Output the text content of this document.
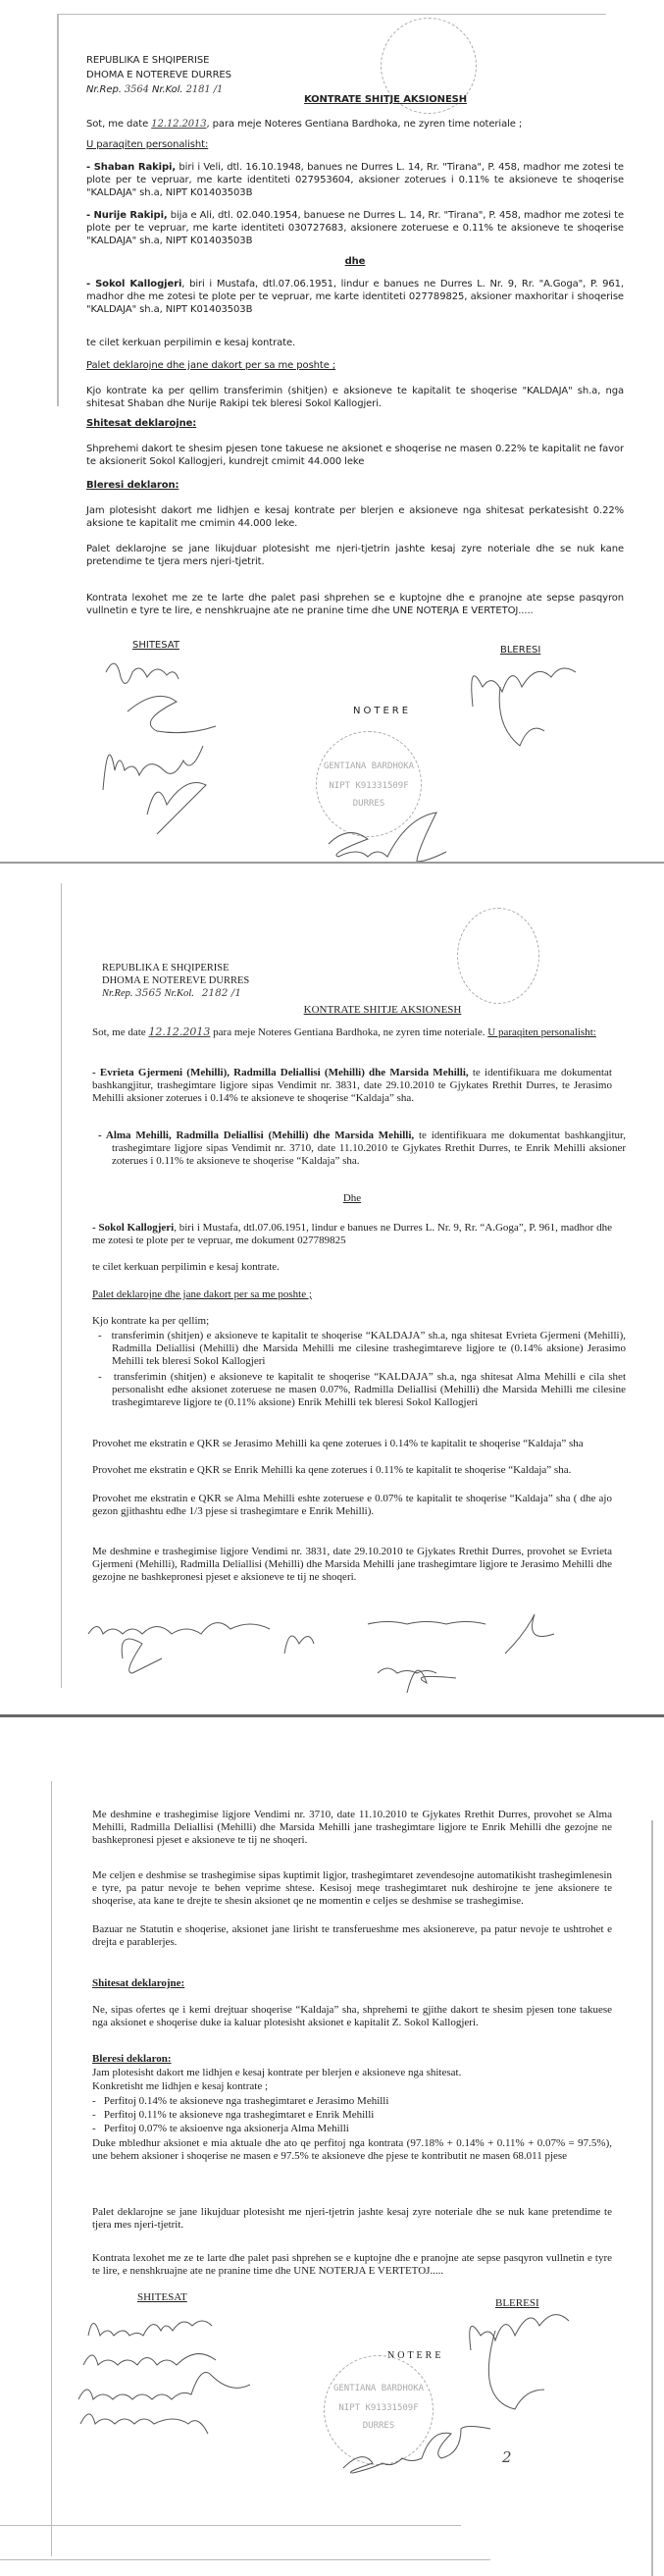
REPUBLIKA E SHQIPERISE
DHOMA E NOTEREVE DURRES
Nr.Rep. 3564 Nr.Kol. 2181 /1
KONTRATE SHITJE AKSIONESH
Sot, me date 12.12.2013, para meje Noteres Gentiana Bardhoka, ne zyren time noteriale ;
U paraqiten personalisht:
- Shaban Rakipi, biri i Veli, dtl. 16.10.1948, banues ne Durres L. 14, Rr. "Tirana", P. 458, madhor me zotesi te plote per te vepruar, me karte identiteti 027953604, aksioner zoterues i 0.11% te aksioneve te shoqerise "KALDAJA" sh.a, NIPT K01403503B
- Nurije Rakipi, bija e Ali, dtl. 02.040.1954, banuese ne Durres L. 14, Rr. "Tirana", P. 458, madhor me zotesi te plote per te vepruar, me karte identiteti 030727683, aksionere zoteruese e 0.11% te aksioneve te shoqerise "KALDAJA" sh.a, NIPT K01403503B
dhe
- Sokol Kallogjeri, biri i Mustafa, dtl.07.06.1951, lindur e banues ne Durres L. Nr. 9, Rr. "A.Goga", P. 961, madhor dhe me zotesi te plote per te vepruar, me karte identiteti 027789825, aksioner maxhoritar i shoqerise "KALDAJA" sh.a, NIPT K01403503B
te cilet kerkuan perpilimin e kesaj kontrate.
Palet deklarojne dhe jane dakort per sa me poshte ;
Kjo kontrate ka per qellim transferimin (shitjen) e aksioneve te kapitalit te shoqerise "KALDAJA" sh.a, nga shitesat Shaban dhe Nurije Rakipi tek bleresi Sokol Kallogjeri.
Shitesat deklarojne:
Shprehemi dakort te shesim pjesen tone takuese ne aksionet e shoqerise ne masen 0.22% te kapitalit ne favor te aksionerit Sokol Kallogjeri, kundrejt cmimit 44.000 leke
Bleresi deklaron:
Jam plotesisht dakort me lidhjen e kesaj kontrate per blerjen e aksioneve nga shitesat perkatesisht 0.22% aksione te kapitalit me cmimin 44.000 leke.
Palet deklarojne se jane likujduar plotesisht me njeri-tjetrin jashte kesaj zyre noteriale dhe se nuk kane pretendime te tjera mers njeri-tjetrit.
Kontrata lexohet me ze te larte dhe palet pasi shprehen se e kuptojne dhe e pranojne ate sepse pasqyron vullnetin e tyre te lire, e nenshkruajne ate ne pranine time dhe UNE NOTERJA E VERTETOJ.....
SHITESAT	BLERESI
NOTERE
GENTIANA BARDHOKA
NIPT K91331509F
DURRES
REPUBLIKA E SHQIPERISE
DHOMA E NOTEREVE DURRES
Nr.Rep. 3565 Nr.Kol. 2182 /1
KONTRATE SHITJE AKSIONESH
Sot, me date 12.12.2013 para meje Noteres Gentiana Bardhoka, ne zyren time noteriale. U paraqiten personalisht:
- Evrieta Gjermeni (Mehilli), Radmilla Deliallisi (Mehilli) dhe Marsida Mehilli, te identifikuara me dokumentat bashkangjitur, trashegimtare ligjore sipas Vendimit nr. 3831, date 29.10.2010 te Gjykates Rrethit Durres, te Jerasimo Mehilli aksioner zoterues i 0.14% te aksioneve te shoqerise “Kaldaja” sha.
- Alma Mehilli, Radmilla Deliallisi (Mehilli) dhe Marsida Mehilli, te identifikuara me dokumentat bashkangjitur, trashegimtare ligjore sipas Vendimit nr. 3710, date 11.10.2010 te Gjykates Rrethit Durres, te Enrik Mehilli aksioner zoterues i 0.11% te aksioneve te shoqerise “Kaldaja” sha.
Dhe
- Sokol Kallogjeri, biri i Mustafa, dtl.07.06.1951, lindur e banues ne Durres L. Nr. 9, Rr. “A.Goga”, P. 961, madhor dhe me zotesi te plote per te vepruar, me dokument 027789825
te cilet kerkuan perpilimin e kesaj kontrate.
Palet deklarojne dhe jane dakort per sa me poshte ;
Kjo kontrate ka per qellim;
-   transferimin (shitjen) e aksioneve te kapitalit te shoqerise “KALDAJA” sh.a, nga shitesat Evrieta Gjermeni (Mehilli), Radmilla Deliallisi (Mehilli) dhe Marsida Mehilli me cilesine trashegimtareve ligjore te (0.14% aksione) Jerasimo Mehilli tek bleresi Sokol Kallogjeri
-   transferimin (shitjen) e aksioneve te kapitalit te shoqerise “KALDAJA” sh.a, nga shitesat Alma Mehilli e cila shet personalisht edhe aksionet zoteruese ne masen 0.07%, Radmilla Deliallisi (Mehilli) dhe Marsida Mehilli me cilesine trashegimtareve ligjore te (0.11% aksione) Enrik Mehilli tek bleresi Sokol Kallogjeri
Provohet me ekstratin e QKR se Jerasimo Mehilli ka qene zoterues i 0.14% te kapitalit te shoqerise “Kaldaja” sha
Provohet me ekstratin e QKR se Enrik Mehilli ka qene zoterues i 0.11% te kapitalit te shoqerise “Kaldaja” sha.
Provohet me ekstratin e QKR se Alma Mehilli eshte zoteruese e 0.07% te kapitalit te shoqerise “Kaldaja” sha ( dhe ajo gezon gjithashtu edhe 1/3 pjese si trashegimtare e Enrik Mehilli).
Me deshmine e trashegimise ligjore Vendimi nr. 3831, date 29.10.2010 te Gjykates Rrethit Durres, provohet se Evrieta Gjermeni (Mehilli), Radmilla Deliallisi (Mehilli) dhe Marsida Mehilli jane trashegimtare ligjore te Jerasimo Mehilli dhe gezojne ne bashkepronesi pjeset e aksioneve te tij ne shoqeri.
Me deshmine e trashegimise ligjore Vendimi nr. 3710, date 11.10.2010 te Gjykates Rrethit Durres, provohet se Alma Mehilli, Radmilla Deliallisi (Mehilli) dhe Marsida Mehilli jane trashegimtare ligjore te Enrik Mehilli dhe gezojne ne bashkepronesi pjeset e aksioneve te tij ne shoqeri.
Me celjen e deshmise se trashegimise sipas kuptimit ligjor, trashegimtaret zevendesojne automatikisht trashegimlenesin e tyre, pa patur nevoje te behen veprime shtese. Kesisoj meqe trashegimtaret nuk deshirojne te jene aksionere te shoqerise, ata kane te drejte te shesin aksionet qe ne momentin e celjes se deshmise se trashegimise.
Bazuar ne Statutin e shoqerise, aksionet jane lirisht te transferueshme mes aksionereve, pa patur nevoje te ushtrohet e drejta e parablerjes.
Shitesat deklarojne:
Ne, sipas ofertes qe i kemi drejtuar shoqerise “Kaldaja” sha, shprehemi te gjithe dakort te shesim pjesen tone takuese nga aksionet e shoqerise duke ia kaluar plotesisht aksionet e kapitalit Z. Sokol Kallogjeri.
Bleresi deklaron:
Jam plotesisht dakort me lidhjen e kesaj kontrate per blerjen e aksioneve nga shitesat.
Konkretisht me lidhjen e kesaj kontrate ;
-   Perfitoj 0.14% te aksioneve nga trashegimtaret e Jerasimo Mehilli
-   Perfitoj 0.11% te aksioneve nga trashegimtaret e Enrik Mehilli
-   Perfitoj 0.07% te aksioenve nga aksionerja Alma Mehilli
Duke mbledhur aksionet e mia aktuale dhe ato qe perfitoj nga kontrata (97.18% + 0.14% + 0.11% + 0.07% = 97.5%), une behem aksioner i shoqerise ne masen e 97.5% te aksioneve dhe pjese te kontributit ne masen 68.011 pjese
Palet deklarojne se jane likujduar plotesisht me njeri-tjetrin jashte kesaj zyre noteriale dhe se nuk kane pretendime te tjera mes njeri-tjetrit.
Kontrata lexohet me ze te larte dhe palet pasi shprehen se e kuptojne dhe e pranojne ate sepse pasqyron vullnetin e tyre te lire, e nenshkruajne ate ne pranine time dhe UNE NOTERJA E VERTETOJ.....
SHITESAT	BLERESI
NOTERE
GENTIANA BARDHOKA
NIPT K91331509F
DURRES
2
